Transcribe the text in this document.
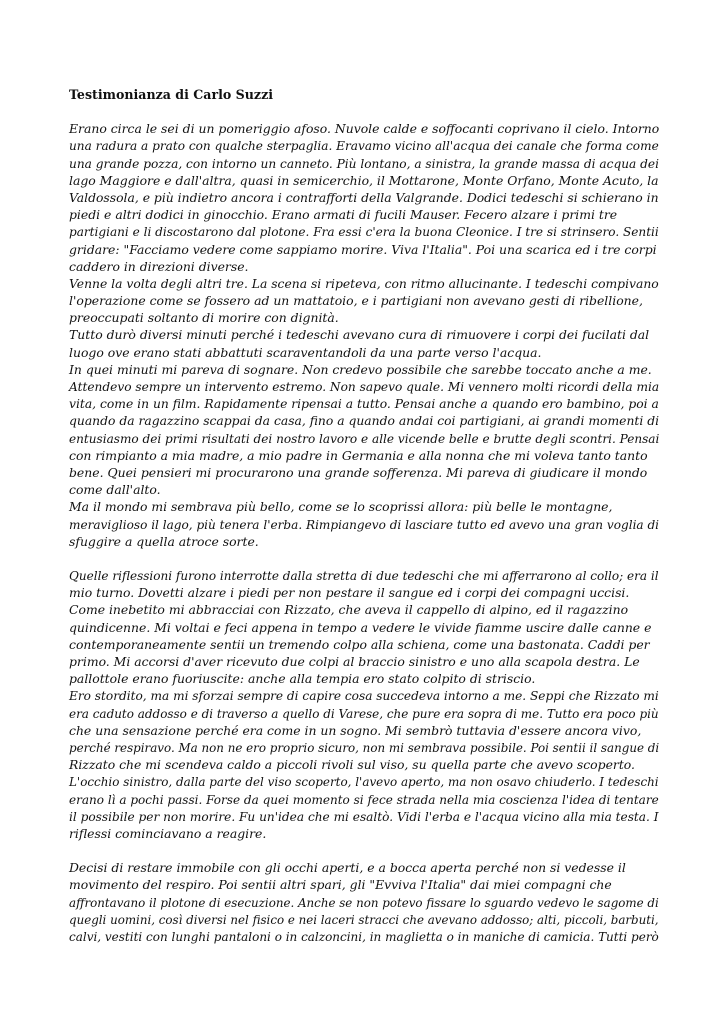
Testimonianza di Carlo Suzzi
Erano circa le sei di un pomeriggio afoso. Nuvole calde e soffocanti coprivano il cielo. Intorno
una radura a prato con qualche sterpaglia. Eravamo vicino all'acqua dei canale che forma come
una grande pozza, con intorno un canneto. Più lontano, a sinistra, la grande massa di acqua dei
lago Maggiore e dall'altra, quasi in semicerchio, il Mottarone, Monte Orfano, Monte Acuto, la
Valdossola, e più indietro ancora i contrafforti della Valgrande. Dodici tedeschi si schierano in
piedi e altri dodici in ginocchio. Erano armati di fucili Mauser. Fecero alzare i primi tre
partigiani e li discostarono dal plotone. Fra essi c'era la buona Cleonice. I tre si strinsero. Sentii
gridare: "Facciamo vedere come sappiamo morire. Viva l'Italia". Poi una scarica ed i tre corpi
caddero in direzioni diverse.
Venne la volta degli altri tre. La scena si ripeteva, con ritmo allucinante. I tedeschi compivano
l'operazione come se fossero ad un mattatoio, e i partigiani non avevano gesti di ribellione,
preoccupati soltanto di morire con dignità.
Tutto durò diversi minuti perché i tedeschi avevano cura di rimuovere i corpi dei fucilati dal
luogo ove erano stati abbattuti scaraventandoli da una parte verso l'acqua.
In quei minuti mi pareva di sognare. Non credevo possibile che sarebbe toccato anche a me.
Attendevo sempre un intervento estremo. Non sapevo quale. Mi vennero molti ricordi della mia
vita, come in un film. Rapidamente ripensai a tutto. Pensai anche a quando ero bambino, poi a
quando da ragazzino scappai da casa, fino a quando andai coi partigiani, ai grandi momenti di
entusiasmo dei primi risultati dei nostro lavoro e alle vicende belle e brutte degli scontri. Pensai
con rimpianto a mia madre, a mio padre in Germania e alla nonna che mi voleva tanto tanto
bene. Quei pensieri mi procurarono una grande sofferenza. Mi pareva di giudicare il mondo
come dall'alto.
Ma il mondo mi sembrava più bello, come se lo scoprissi allora: più belle le montagne,
meraviglioso il lago, più tenera l'erba. Rimpiangevo di lasciare tutto ed avevo una gran voglia di
sfuggire a quella atroce sorte.
Quelle riflessioni furono interrotte dalla stretta di due tedeschi che mi afferrarono al collo; era il
mio turno. Dovetti alzare i piedi per non pestare il sangue ed i corpi dei compagni uccisi.
Come inebetito mi abbracciai con Rizzato, che aveva il cappello di alpino, ed il ragazzino
quindicenne. Mi voltai e feci appena in tempo a vedere le vivide fiamme uscire dalle canne e
contemporaneamente sentii un tremendo colpo alla schiena, come una bastonata. Caddi per
primo. Mi accorsi d'aver ricevuto due colpi al braccio sinistro e uno alla scapola destra. Le
pallottole erano fuoriuscite: anche alla tempia ero stato colpito di striscio.
Ero stordito, ma mi sforzai sempre di capire cosa succedeva intorno a me. Seppi che Rizzato mi
era caduto addosso e di traverso a quello di Varese, che pure era sopra di me. Tutto era poco più
che una sensazione perché era come in un sogno. Mi sembrò tuttavia d'essere ancora vivo,
perché respiravo. Ma non ne ero proprio sicuro, non mi sembrava possibile. Poi sentii il sangue di
Rizzato che mi scendeva caldo a piccoli rivoli sul viso, su quella parte che avevo scoperto.
L'occhio sinistro, dalla parte del viso scoperto, l'avevo aperto, ma non osavo chiuderlo. I tedeschi
erano lì a pochi passi. Forse da quei momento si fece strada nella mia coscienza l'idea di tentare
il possibile per non morire. Fu un'idea che mi esaltò. Vidi l'erba e l'acqua vicino alla mia testa. I
riflessi cominciavano a reagire.
Decisi di restare immobile con gli occhi aperti, e a bocca aperta perché non si vedesse il
movimento del respiro. Poi sentii altri spari, gli "Evviva l'Italia" dai miei compagni che
affrontavano il plotone di esecuzione. Anche se non potevo fissare lo sguardo vedevo le sagome di
quegli uomini, così diversi nel fisico e nei laceri stracci che avevano addosso; alti, piccoli, barbuti,
calvi, vestiti con lunghi pantaloni o in calzoncini, in maglietta o in maniche di camicia. Tutti però
